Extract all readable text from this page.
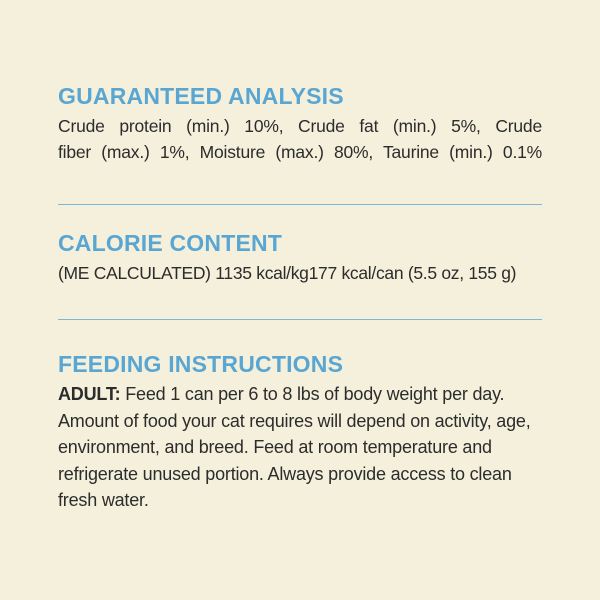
GUARANTEED ANALYSIS

Crude protein (min.) 10%, Crude fat (min.) 5%, Crude
fiber (max.) 1%, Moisture (max.) 80%, Taurine (min.) 0.1%

CALORIE CONTENT

(ME CALCULATED) 1135 kcal/kg177 kcal/can (5.5 oz, 155 g)

FEEDING INSTRUCTIONS

ADULT: Feed 1 can per 6 to 8 lbs of body weight per day. Amount of food your cat requires will depend on activity, age, environment, and breed. Feed at room temperature and refrigerate unused portion. Always provide access to clean fresh water.
